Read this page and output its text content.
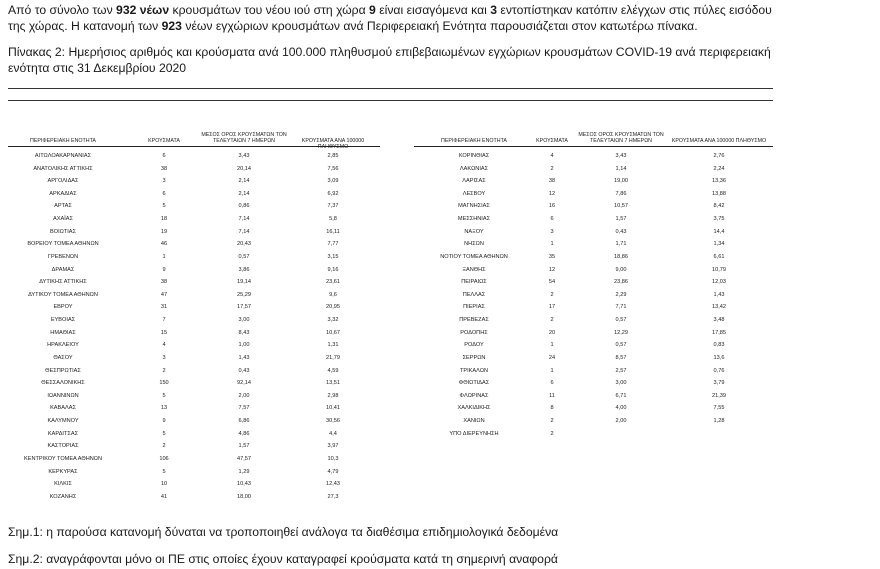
Από το σύνολο των 932 νέων κρουσμάτων του νέου ιού στη χώρα 9 είναι εισαγόμενα και 3 εντοπίστηκαν κατόπιν ελέγχων στις πύλες εισόδου της χώρας. Η κατανομή των 923 νέων εγχώριων κρουσμάτων ανά Περιφερειακή Ενότητα παρουσιάζεται στον κατωτέρω πίνακα.
Πίνακας 2: Ημερήσιος αριθμός και κρούσματα ανά 100.000 πληθυσμού επιβεβαιωμένων εγχώριων κρουσμάτων COVID-19 ανά περιφερειακή ενότητα στις 31 Δεκεμβρίου 2020
ΠΕΡΙΦΕΡΕΙΑΚΗ ΕΝΟΤΗΤΑ	ΚΡΟΥΣΜΑΤΑ
ΜΕΣΟΣ ΟΡΟΣ ΚΡΟΥΣΜΑΤΩΝ ΤΟΝ ΤΕΛΕΥΤΑΙΩΝ 7 ΗΜΕΡΩΝ	ΚΡΟΥΣΜΑΤΑ ΑΝΑ 100000 ΠΛΗΘΥΣΜΟ
ΑΙΤΩΛΟΑΚΑΡΝΑΝΙΑΣ	6	3,43	2,85
ΑΝΑΤΟΛΙΚΗΣ ΑΤΤΙΚΗΣ	38	20,14	7,56
ΑΡΓΟΛΙΔΑΣ	3	2,14	3,09
ΑΡΚΑΔΙΑΣ	6	2,14	6,92
ΑΡΤΑΣ	5	0,86	7,37
ΑΧΑΪΑΣ	18	7,14	5,8
ΒΟΙΩΤΙΑΣ	19	7,14	16,11
ΒΟΡΕΙΟΥ ΤΟΜΕΑ ΑΘΗΝΩΝ	46	20,43	7,77
ΓΡΕΒΕΝΩΝ	1	0,57	3,15
ΔΡΑΜΑΣ	9	3,86	9,16
ΔΥΤΙΚΗΣ ΑΤΤΙΚΗΣ	38	19,14	23,61
ΔΥΤΙΚΟΥ ΤΟΜΕΑ ΑΘΗΝΩΝ	47	25,29	9,6
ΕΒΡΟΥ	31	17,57	20,95
ΕΥΒΟΙΑΣ	7	3,00	3,32
ΗΜΑΘΙΑΣ	15	8,43	10,67
ΗΡΑΚΛΕΙΟΥ	4	1,00	1,31
ΘΑΣΟΥ	3	1,43	21,79
ΘΕΣΠΡΩΤΙΑΣ	2	0,43	4,59
ΘΕΣΣΑΛΟΝΙΚΗΣ	150	92,14	13,51
ΙΩΑΝΝΙΝΩΝ	5	2,00	2,98
ΚΑΒΑΛΑΣ	13	7,57	10,41
ΚΑΛΥΜΝΟΥ	9	6,86	30,56
ΚΑΡΔΙΤΣΑΣ	5	4,86	4,4
ΚΑΣΤΟΡΙΑΣ	2	1,57	3,97
ΚΕΝΤΡΙΚΟΥ ΤΟΜΕΑ ΑΘΗΝΩΝ	106	47,57	10,3
ΚΕΡΚΥΡΑΣ	5	1,29	4,79
ΚΙΛΚΙΣ	10	10,43	12,43
ΚΟΖΑΝΗΣ	41	18,00	27,3
ΠΕΡΙΦΕΡΕΙΑΚΗ ΕΝΟΤΗΤΑ	ΚΡΟΥΣΜΑΤΑ
ΜΕΣΟΣ ΟΡΟΣ ΚΡΟΥΣΜΑΤΩΝ ΤΟΝ ΤΕΛΕΥΤΑΙΩΝ 7 ΗΜΕΡΩΝ	ΚΡΟΥΣΜΑΤΑ ΑΝΑ 100000 ΠΛΗΘΥΣΜΟ
ΚΟΡΙΝΘΙΑΣ	4	3,43	2,76
ΛΑΚΩΝΙΑΣ	2	1,14	2,24
ΛΑΡΙΣΑΣ	38	19,00	13,36
ΛΕΣΒΟΥ	12	7,86	13,88
ΜΑΓΝΗΣΙΑΣ	16	10,57	8,42
ΜΕΣΣΗΝΙΑΣ	6	1,57	3,75
ΝΑΞΟΥ	3	0,43	14,4
ΝΗΣΩΝ	1	1,71	1,34
ΝΟΤΙΟΥ ΤΟΜΕΑ ΑΘΗΝΩΝ	35	18,86	6,61
ΞΑΝΘΗΣ	12	9,00	10,79
ΠΕΙΡΑΙΩΣ	54	23,86	12,03
ΠΕΛΛΑΣ	2	2,29	1,43
ΠΙΕΡΙΑΣ	17	7,71	13,42
ΠΡΕΒΕΖΑΣ	2	0,57	3,48
ΡΟΔΟΠΗΣ	20	12,29	17,85
ΡΟΔΟΥ	1	0,57	0,83
ΣΕΡΡΩΝ	24	8,57	13,6
ΤΡΙΚΑΛΩΝ	1	2,57	0,76
ΦΘΙΩΤΙΔΑΣ	6	3,00	3,79
ΦΛΩΡΙΝΑΣ	11	6,71	21,39
ΧΑΛΚΙΔΙΚΗΣ	8	4,00	7,55
ΧΑΝΙΩΝ	2	2,00	1,28
ΥΠΟ ΔΙΕΡΕΥΝΗΣΗ	2
Σημ.1: η παρούσα κατανομή δύναται να τροποποιηθεί ανάλογα τα διαθέσιμα επιδημιολογικά δεδομένα
Σημ.2: αναγράφονται μόνο οι ΠΕ στις οποίες έχουν καταγραφεί κρούσματα κατά τη σημερινή αναφορά
